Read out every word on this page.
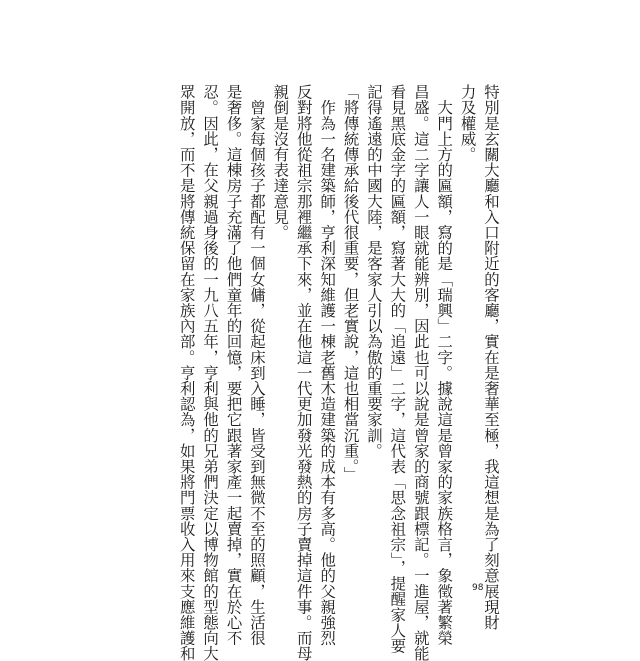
特別是玄關大廳和入口附近的客廳，實在是奢華至極，我這想是為了刻意展現財

力及權威。

　大門上方的匾額，寫的是「瑞興」二字。據說這是曾家的家族格言，象徵著繁榮

昌盛。這二字讓人一眼就能辨別，因此也可以說是曾家的商號跟標記。一進屋，就能

看見黑底金字的匾額，寫著大大的「追遠」二字，這代表「思念祖宗」，提醒家人要

記得遙遠的中國大陸，是客家人引以為傲的重要家訓。

「將傳統傳承給後代很重要，但老實說，這也相當沉重。」

　作為一名建築師，亨利深知維護一棟老舊木造建築的成本有多高。他的父親強烈

反對將他從祖宗那裡繼承下來，並在他這一代更加發光發熱的房子賣掉這件事。而母

親倒是沒有表達意見。

　曾家每個孩子都配有一個女傭，從起床到入睡，皆受到無微不至的照顧，生活很

是奢侈。這棟房子充滿了他們童年的回憶，要把它跟著家產一起賣掉，實在於心不

忍。因此，在父親過身後的一九八五年，亨利與他的兄弟們決定以博物館的型態向大

眾開放，而不是將傳統保留在家族內部。亨利認為，如果將門票收入用來支應維護和	98
